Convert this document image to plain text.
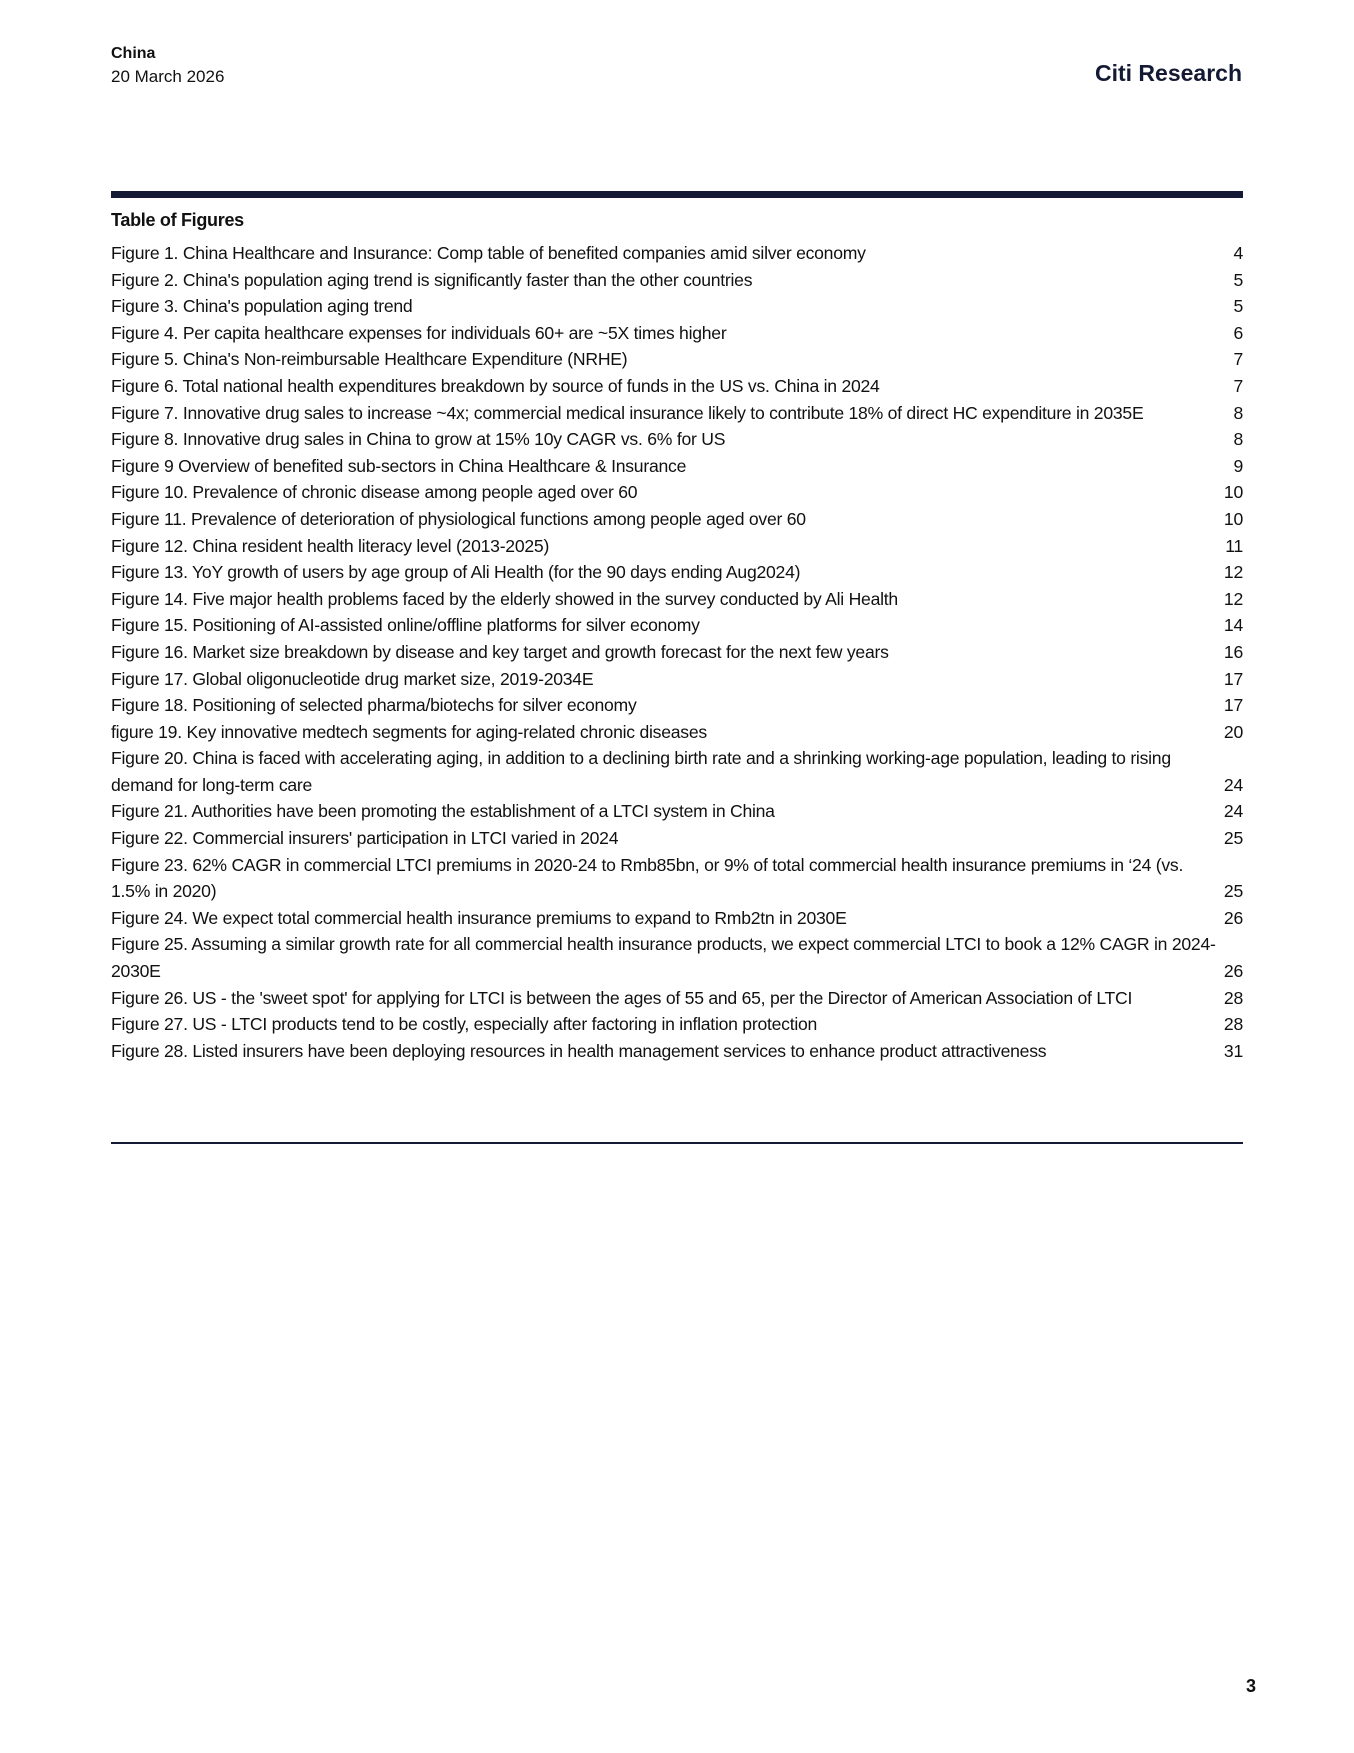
China
20 March 2026	Citi Research
Table of Figures
Figure 1. China Healthcare and Insurance: Comp table of benefited companies amid silver economy	4
Figure 2. China's population aging trend is significantly faster than the other countries	5
Figure 3. China's population aging trend	5
Figure 4. Per capita healthcare expenses for individuals 60+ are ~5X times higher	6
Figure 5. China's Non-reimbursable Healthcare Expenditure (NRHE)	7
Figure 6. Total national health expenditures breakdown by source of funds in the US vs. China in 2024	7
Figure 7. Innovative drug sales to increase ~4x; commercial medical insurance likely to contribute 18% of direct HC expenditure in 2035E	8
Figure 8. Innovative drug sales in China to grow at 15% 10y CAGR vs. 6% for US	8
Figure 9 Overview of benefited sub-sectors in China Healthcare & Insurance	9
Figure 10. Prevalence of chronic disease among people aged over 60	10
Figure 11. Prevalence of deterioration of physiological functions among people aged over 60	10
Figure 12. China resident health literacy level (2013-2025)	11
Figure 13. YoY growth of users by age group of Ali Health (for the 90 days ending Aug2024)	12
Figure 14. Five major health problems faced by the elderly showed in the survey conducted by Ali Health	12
Figure 15. Positioning of AI-assisted online/offline platforms for silver economy	14
Figure 16. Market size breakdown by disease and key target and growth forecast for the next few years	16
Figure 17. Global oligonucleotide drug market size, 2019-2034E	17
Figure 18. Positioning of selected pharma/biotechs for silver economy	17
figure 19. Key innovative medtech segments for aging-related chronic diseases	20
Figure 20. China is faced with accelerating aging, in addition to a declining birth rate and a shrinking working-age population, leading to rising demand for long-term care	24
Figure 21. Authorities have been promoting the establishment of a LTCI system in China	24
Figure 22. Commercial insurers' participation in LTCI varied in 2024	25
Figure 23. 62% CAGR in commercial LTCI premiums in 2020-24 to Rmb85bn, or 9% of total commercial health insurance premiums in ‘24 (vs. 1.5% in 2020)	25
Figure 24. We expect total commercial health insurance premiums to expand to Rmb2tn in 2030E	26
Figure 25. Assuming a similar growth rate for all commercial health insurance products, we expect commercial LTCI to book a 12% CAGR in 2024-2030E	26
Figure 26. US - the 'sweet spot' for applying for LTCI is between the ages of 55 and 65, per the Director of American Association of LTCI	28
Figure 27. US - LTCI products tend to be costly, especially after factoring in inflation protection	28
Figure 28. Listed insurers have been deploying resources in health management services to enhance product attractiveness	31
3
